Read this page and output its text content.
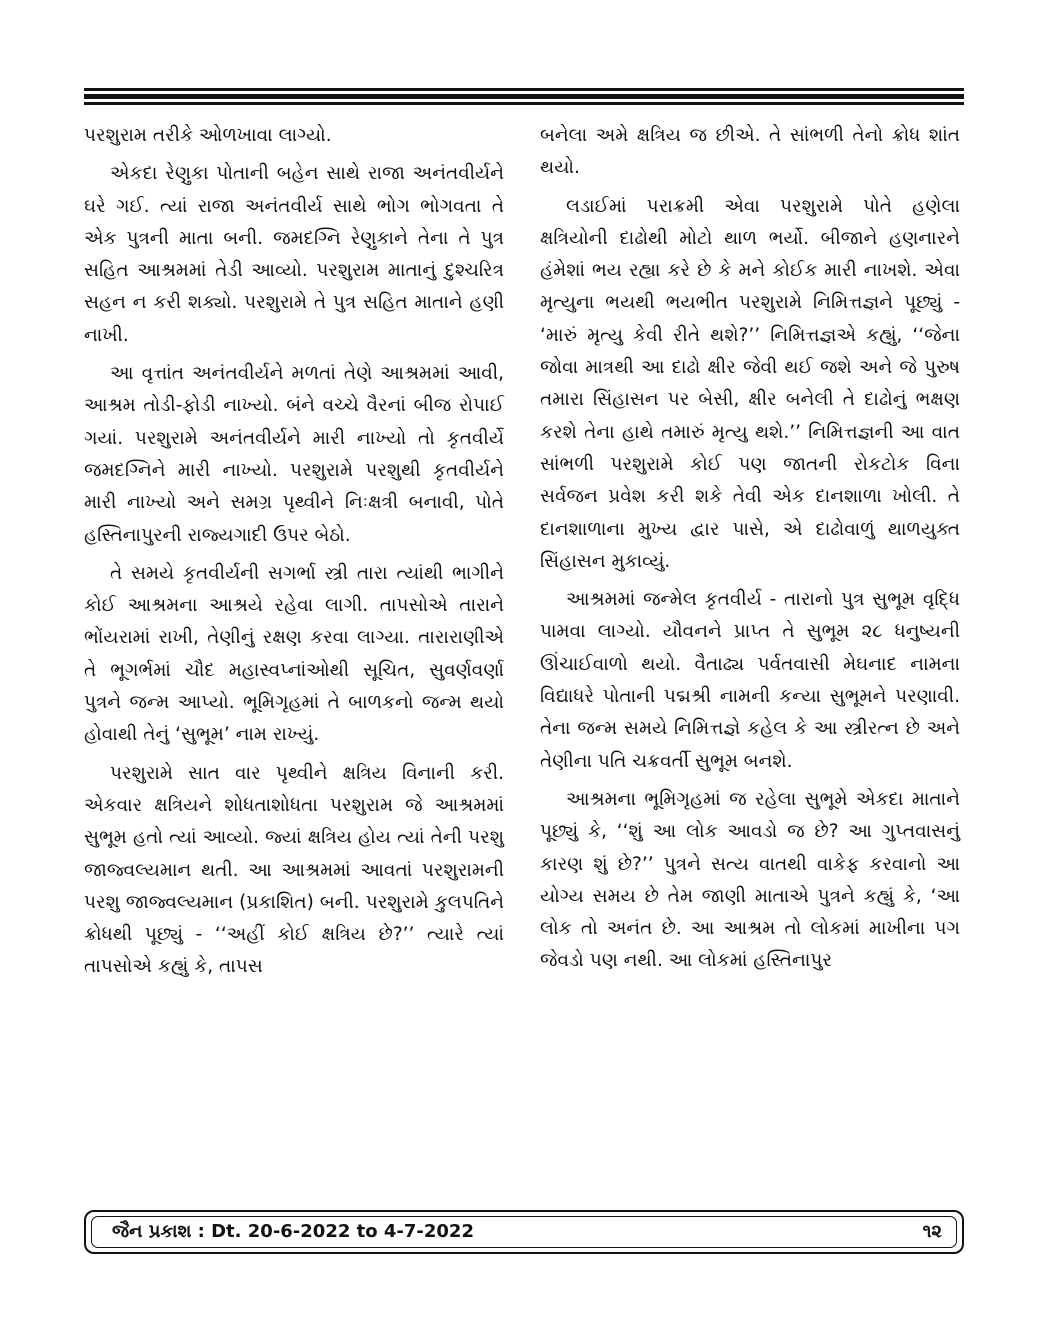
પરશુરામ તરીકે ઓળખાવા લાગ્યો.

એકદા રેણુકા પોતાની બહેન સાથે રાજા અનંતવીર્યને ઘરે ગઈ. ત્યાં રાજા અનંતવીર્ય સાથે ભોગ ભોગવતા તે એક પુત્રની માતા બની. જમદગ્નિ રેણુકાને તેના તે પુત્ર સહિત આશ્રમમાં તેડી આવ્યો. પરશુરામ માતાનું દુશ્ચરિત્ર સહન ન કરી શક્યો. પરશુરામે તે પુત્ર સહિત માતાને હણી નાખી.

આ વૃત્તાંત અનંતવીર્યને મળતાં તેણે આશ્રમમાં આવી, આશ્રમ તોડી-ફોડી નાખ્યો. બંને વચ્ચે વૈરનાં બીજ રોપાઈ ગયાં. પરશુરામે અનંતવીર્યને મારી નાખ્યો તો કૃતવીર્યે જમદગ્નિને મારી નાખ્યો. પરશુરામે પરશુથી કૃતવીર્યને મારી નાખ્યો અને સમગ્ર પૃથ્વીને નિઃક્ષત્રી બનાવી, પોતે હસ્તિનાપુરની રાજ્યગાદી ઉપર બેઠો.

તે સમયે કૃતવીર્યની સગર્ભા સ્ત્રી તારા ત્યાંથી ભાગીને કોઈ આશ્રમના આશ્રયે રહેવા લાગી. તાપસોએ તારાને ભોંયરામાં રાખી, તેણીનું રક્ષણ કરવા લાગ્યા. તારારાણીએ તે ભૂગર્ભમાં ચૌદ મહાસ્વપ્નાંઓથી સૂચિત, સુવર્ણવર્ણા પુત્રને જન્મ આપ્યો. ભૂમિગૃહમાં તે બાળકનો જન્મ થયો હોવાથી તેનું ‘સુભૂમ’ નામ રાખ્યું.

પરશુરામે સાત વાર પૃથ્વીને ક્ષત્રિય વિનાની કરી. એકવાર ક્ષત્રિયને શોધતાશોધતા પરશુરામ જે આશ્રમમાં સુભૂમ હતો ત્યાં આવ્યો. જ્યાં ક્ષત્રિય હોય ત્યાં તેની પરશુ જાજ્વલ્યમાન થતી. આ આશ્રમમાં આવતાં પરશુરામની પરશુ જાજ્વલ્યમાન (પ્રકાશિત) બની. પરશુરામે કુલપતિને ક્રોધથી પૂછ્યું - ‘‘અહીં કોઈ ક્ષત્રિય છે?’’ ત્યારે ત્યાં તાપસોએ કહ્યું કે, તાપસ

બનેલા અમે ક્ષત્રિય જ છીએ. તે સાંભળી તેનો ક્રોધ શાંત થયો.

લડાઈમાં પરાક્રમી એવા પરશુરામે પોતે હણેલા ક્ષત્રિયોની દાઢોથી મોટો થાળ ભર્યો. બીજાને હણનારને હંમેશાં ભય રહ્યા કરે છે કે મને કોઈક મારી નાખશે. એવા મૃત્યુના ભયથી ભયભીત પરશુરામે નિમિત્તજ્ઞને પૂછ્યું - ‘મારું મૃત્યુ કેવી રીતે થશે?’’ નિમિત્તજ્ઞએ કહ્યું, ‘‘જેના જોવા માત્રથી આ દાઢો ક્ષીર જેવી થઈ જશે અને જે પુરુષ તમારા સિંહાસન પર બેસી, ક્ષીર બનેલી તે દાઢોનું ભક્ષણ કરશે તેના હાથે તમારું મૃત્યુ થશે.’’ નિમિત્તજ્ઞની આ વાત સાંભળી પરશુરામે કોઈ પણ જાતની રોકટોક વિના સર્વજન પ્રવેશ કરી શકે તેવી એક દાનશાળા ખોલી. તે દાનશાળાના મુખ્ય દ્વાર પાસે, એ દાઢોવાળું થાળયુક્ત સિંહાસન મુકાવ્યું.

આશ્રમમાં જન્મેલ કૃતવીર્ય - તારાનો પુત્ર સુભૂમ વૃદ્ધિ પામવા લાગ્યો. યૌવનને પ્રાપ્ત તે સુભૂમ ૨૮ ધનુષ્યની ઊંચાઈવાળો થયો. વૈતાઢ્ય પર્વતવાસી મેઘનાદ નામના વિદ્યાધરે પોતાની પદ્મશ્રી નામની કન્યા સુભૂમને પરણાવી. તેના જન્મ સમયે નિમિત્તજ્ઞે કહેલ કે આ સ્ત્રીરત્ન છે અને તેણીના પતિ ચક્રવર્તી સુભૂમ બનશે.

આશ્રમના ભૂમિગૃહમાં જ રહેલા સુભૂમે એકદા માતાને પૂછ્યું કે, ‘‘શું આ લોક આવડો જ છે? આ ગુપ્તવાસનું કારણ શું છે?’’ પુત્રને સત્ય વાતથી વાકેફ કરવાનો આ યોગ્ય સમય છે તેમ જાણી માતાએ પુત્રને કહ્યું કે, ‘આ લોક તો અનંત છે. આ આશ્રમ તો લોકમાં માખીના પગ જેવડો પણ નથી. આ લોકમાં હસ્તિનાપુર

જૈન પ્રકાશ : Dt. 20-6-2022 to 4-7-2022	૧૨
